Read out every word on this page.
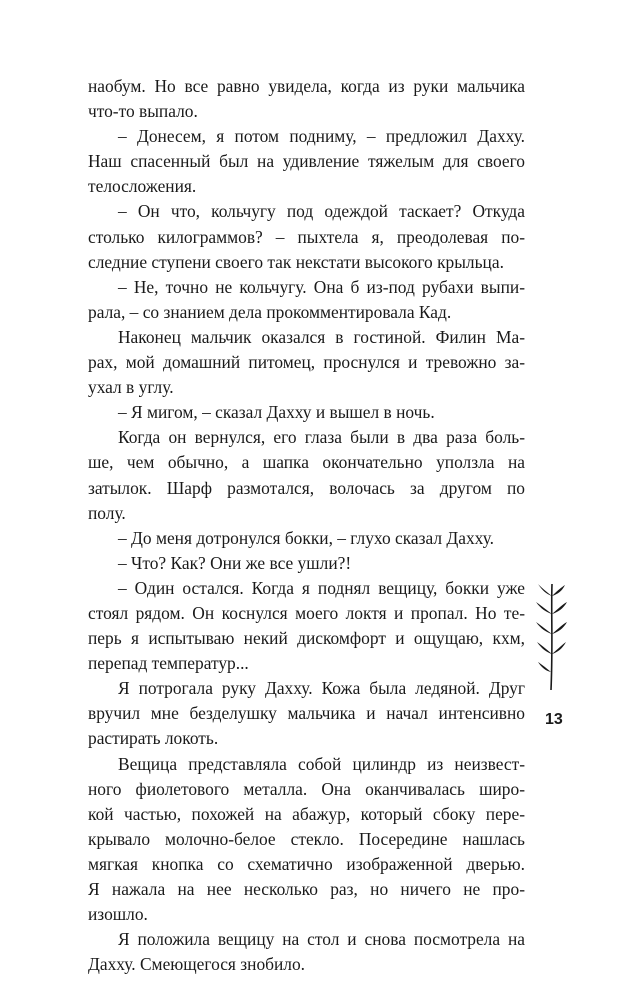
наобум. Но все равно увидела, когда из руки мальчика
что-то выпало.
– Донесем, я потом подниму, – предложил Дахху.
Наш спасенный был на удивление тяжелым для своего
телосложения.
– Он что, кольчугу под одеждой таскает? Откуда
столько килограммов? – пыхтела я, преодолевая по-
следние ступени своего так некстати высокого крыльца.
– Не, точно не кольчугу. Она б из-под рубахи выпи-
рала, – со знанием дела прокомментировала Кад.
Наконец мальчик оказался в гостиной. Филин Ма-
рах, мой домашний питомец, проснулся и тревожно за-
ухал в углу.
– Я мигом, – сказал Дахху и вышел в ночь.
Когда он вернулся, его глаза были в два раза боль-
ше, чем обычно, а шапка окончательно уползла на
затылок. Шарф размотался, волочась за другом по
полу.
– До меня дотронулся бокки, – глухо сказал Дахху.
– Что? Как? Они же все ушли?!
– Один остался. Когда я поднял вещицу, бокки уже
стоял рядом. Он коснулся моего локтя и пропал. Но те-
перь я испытываю некий дискомфорт и ощущаю, кхм,
перепад температур...
Я потрогала руку Дахху. Кожа была ледяной. Друг
вручил мне безделушку мальчика и начал интенсивно
растирать локоть.
Вещица представляла собой цилиндр из неизвест-
ного фиолетового металла. Она оканчивалась широ-
кой частью, похожей на абажур, который сбоку пере-
крывало молочно-белое стекло. Посередине нашлась
мягкая кнопка со схематично изображенной дверью.
Я нажала на нее несколько раз, но ничего не про-
изошло.
Я положила вещицу на стол и снова посмотрела на
Дахху. Смеющегося знобило.
13
